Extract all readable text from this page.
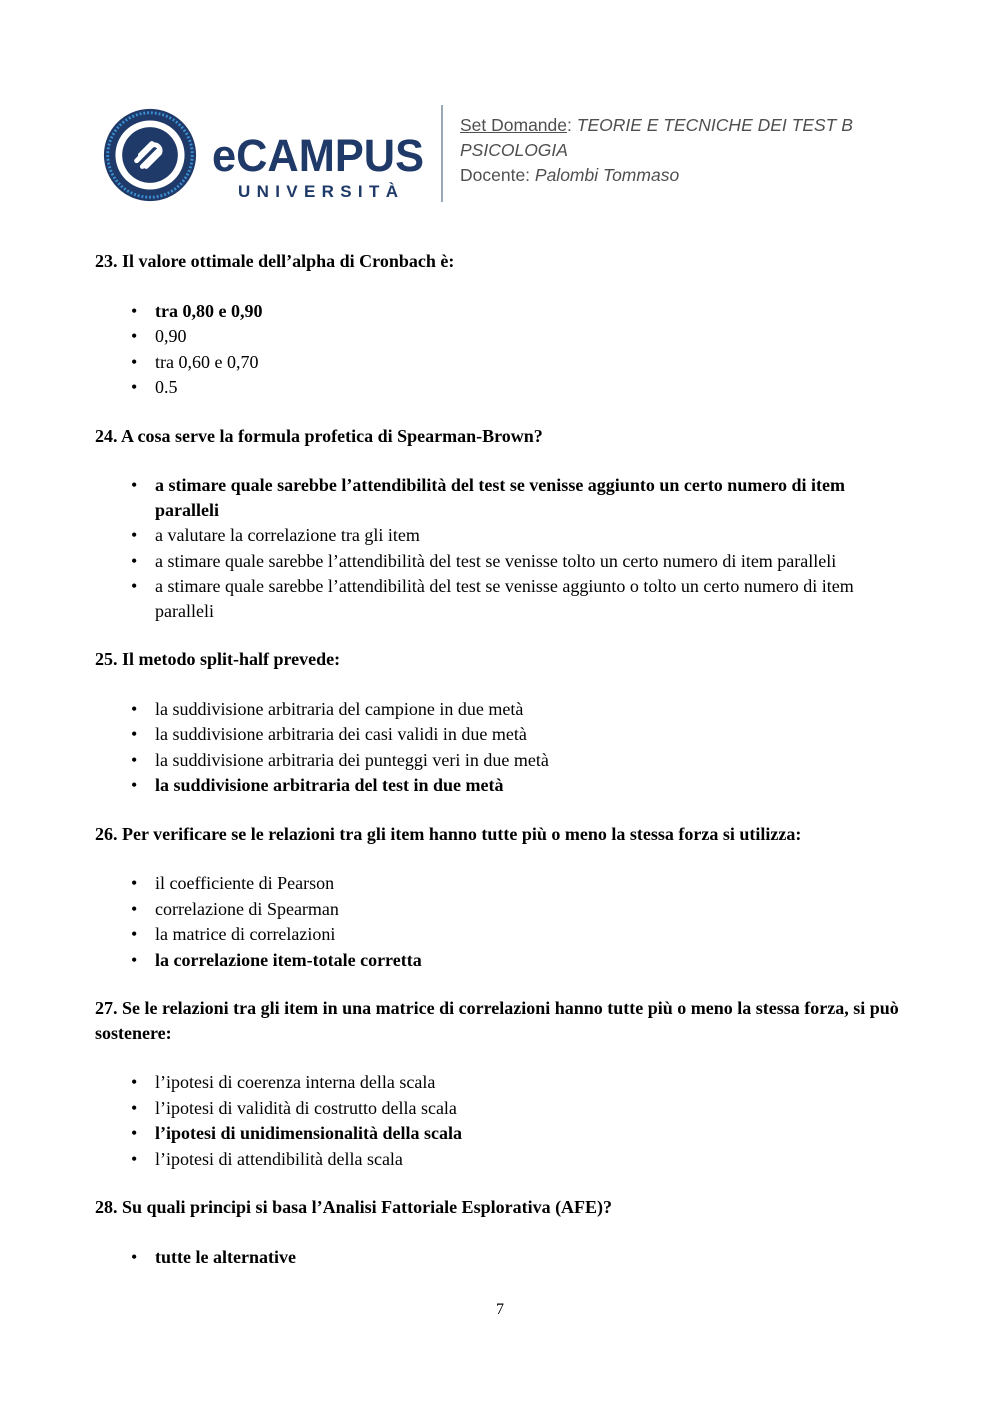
eCAMPUS
UNIVERSITÀ
Set Domande: TEORIE E TECNICHE DEI TEST B
PSICOLOGIA
Docente: Palombi Tommaso
23. Il valore ottimale dell’alpha di Cronbach è:
• tra 0,80 e 0,90
• 0,90
• tra 0,60 e 0,70
• 0.5
24. A cosa serve la formula profetica di Spearman-Brown?
• a stimare quale sarebbe l’attendibilità del test se venisse aggiunto un certo numero di item paralleli
• a valutare la correlazione tra gli item
• a stimare quale sarebbe l’attendibilità del test se venisse tolto un certo numero di item paralleli
• a stimare quale sarebbe l’attendibilità del test se venisse aggiunto o tolto un certo numero di item paralleli
25. Il metodo split-half prevede:
• la suddivisione arbitraria del campione in due metà
• la suddivisione arbitraria dei casi validi in due metà
• la suddivisione arbitraria dei punteggi veri in due metà
• la suddivisione arbitraria del test in due metà
26. Per verificare se le relazioni tra gli item hanno tutte più o meno la stessa forza si utilizza:
• il coefficiente di Pearson
• correlazione di Spearman
• la matrice di correlazioni
• la correlazione item-totale corretta
27. Se le relazioni tra gli item in una matrice di correlazioni hanno tutte più o meno la stessa forza, si può sostenere:
• l’ipotesi di coerenza interna della scala
• l’ipotesi di validità di costrutto della scala
• l’ipotesi di unidimensionalità della scala
• l’ipotesi di attendibilità della scala
28. Su quali principi si basa l’Analisi Fattoriale Esplorativa (AFE)?
• tutte le alternative
7
